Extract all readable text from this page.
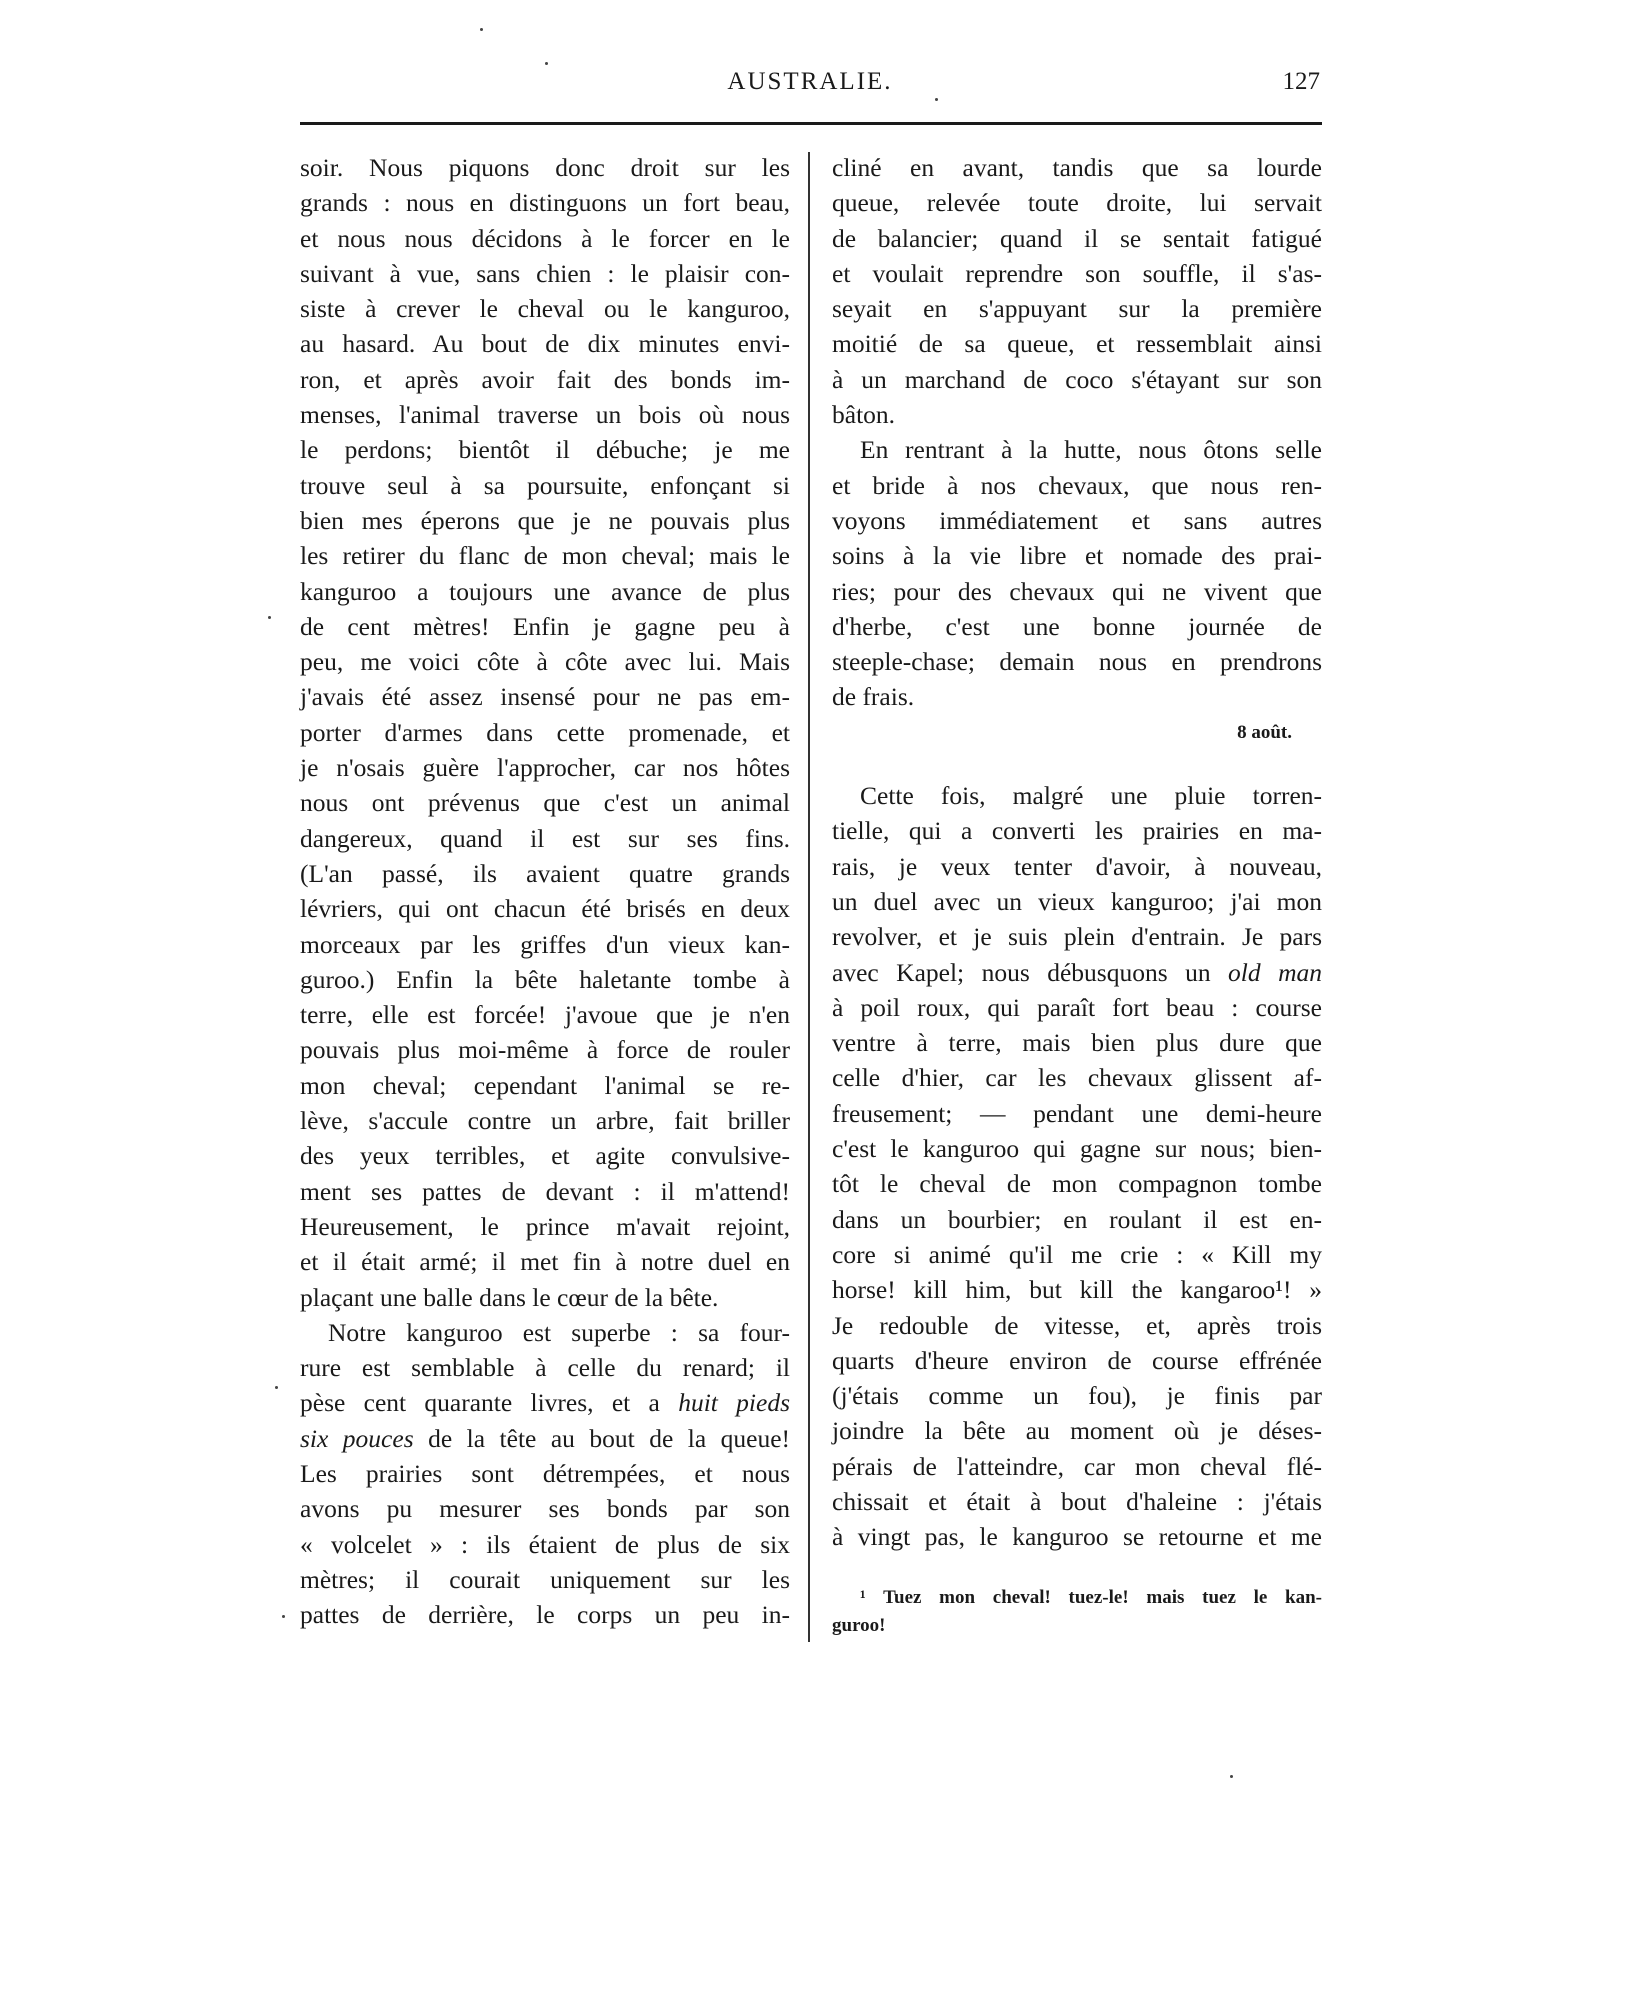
AUSTRALIE.	127
soir. Nous piquons donc droit sur les
grands : nous en distinguons un fort beau,
et nous nous décidons à le forcer en le
suivant à vue, sans chien : le plaisir con-
siste à crever le cheval ou le kanguroo,
au hasard. Au bout de dix minutes envi-
ron, et après avoir fait des bonds im-
menses, l'animal traverse un bois où nous
le perdons; bientôt il débuche; je me
trouve seul à sa poursuite, enfonçant si
bien mes éperons que je ne pouvais plus
les retirer du flanc de mon cheval; mais le
kanguroo a toujours une avance de plus
de cent mètres! Enfin je gagne peu à
peu, me voici côte à côte avec lui. Mais
j'avais été assez insensé pour ne pas em-
porter d'armes dans cette promenade, et
je n'osais guère l'approcher, car nos hôtes
nous ont prévenus que c'est un animal
dangereux, quand il est sur ses fins.
(L'an passé, ils avaient quatre grands
lévriers, qui ont chacun été brisés en deux
morceaux par les griffes d'un vieux kan-
guroo.) Enfin la bête haletante tombe à
terre, elle est forcée! j'avoue que je n'en
pouvais plus moi-même à force de rouler
mon cheval; cependant l'animal se re-
lève, s'accule contre un arbre, fait briller
des yeux terribles, et agite convulsive-
ment ses pattes de devant : il m'attend!
Heureusement, le prince m'avait rejoint,
et il était armé; il met fin à notre duel en
plaçant une balle dans le cœur de la bête.
Notre kanguroo est superbe : sa four-
rure est semblable à celle du renard; il
pèse cent quarante livres, et a huit pieds
six pouces de la tête au bout de la queue!
Les prairies sont détrempées, et nous
avons pu mesurer ses bonds par son
« volcelet » : ils étaient de plus de six
mètres; il courait uniquement sur les
pattes de derrière, le corps un peu in-
cliné en avant, tandis que sa lourde
queue, relevée toute droite, lui servait
de balancier; quand il se sentait fatigué
et voulait reprendre son souffle, il s'as-
seyait en s'appuyant sur la première
moitié de sa queue, et ressemblait ainsi
à un marchand de coco s'étayant sur son
bâton.
En rentrant à la hutte, nous ôtons selle
et bride à nos chevaux, que nous ren-
voyons immédiatement et sans autres
soins à la vie libre et nomade des prai-
ries; pour des chevaux qui ne vivent que
d'herbe, c'est une bonne journée de
steeple-chase; demain nous en prendrons
de frais.
8 août.
Cette fois, malgré une pluie torren-
tielle, qui a converti les prairies en ma-
rais, je veux tenter d'avoir, à nouveau,
un duel avec un vieux kanguroo; j'ai mon
revolver, et je suis plein d'entrain. Je pars
avec Kapel; nous débusquons un old man
à poil roux, qui paraît fort beau : course
ventre à terre, mais bien plus dure que
celle d'hier, car les chevaux glissent af-
freusement; — pendant une demi-heure
c'est le kanguroo qui gagne sur nous; bien-
tôt le cheval de mon compagnon tombe
dans un bourbier; en roulant il est en-
core si animé qu'il me crie : « Kill my
horse! kill him, but kill the kangaroo¹! »
Je redouble de vitesse, et, après trois
quarts d'heure environ de course effrénée
(j'étais comme un fou), je finis par
joindre la bête au moment où je déses-
pérais de l'atteindre, car mon cheval flé-
chissait et était à bout d'haleine : j'étais
à vingt pas, le kanguroo se retourne et me
¹ Tuez mon cheval! tuez-le! mais tuez le kan-
guroo!
